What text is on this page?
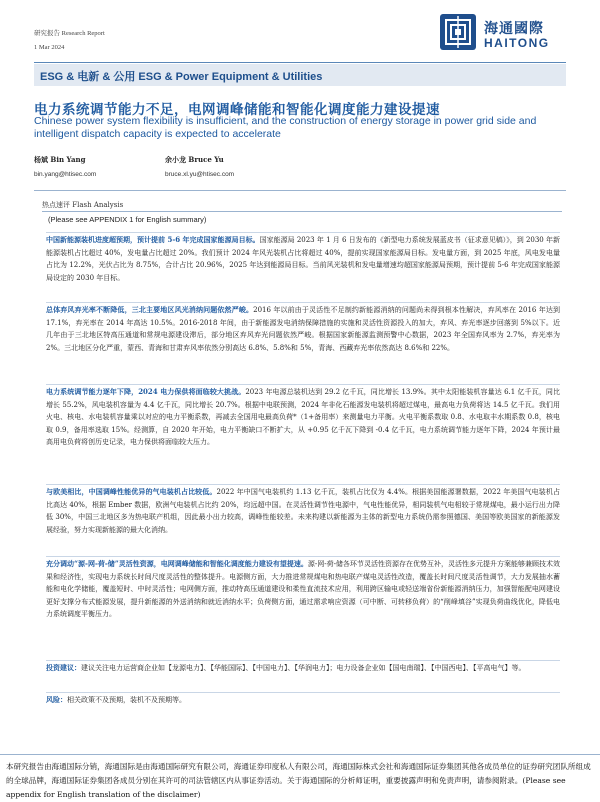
研究报告 Research Report
1 Mar 2024
海通國際
HAITONG
ESG & 电新 & 公用 ESG & Power Equipment & Utilities
电力系统调节能力不足，电网调峰储能和智能化调度能力建设提速
Chinese power system flexibility is insufficient, and the construction of energy storage in power grid side and intelligent dispatch capacity is expected to accelerate
杨斌 Bin Yang
bin.yang@htisec.com
余小龙 Bruce Yu
bruce.xl.yu@htisec.com
热点速评 Flash Analysis
(Please see APPENDIX 1 for English summary)
中国新能源装机进度超预期，预计提前 5-6 年完成国家能源局目标。国家能源局 2023 年 1 月 6 日发布的《新型电力系统发展蓝皮书（征求意见稿）》，到 2030 年新能源装机占比超过 40%，发电量占比超过 20%。我们预计 2024 年风光装机占比将超过 40%，提前实现国家能源局目标。发电量方面，到 2025 年底，风电发电量占比为 12.2%，光伏占比为 8.75%，合计占比 20.96%，2025 年达到能源局目标。当前风光装机和发电量增速均超国家能源局预期，预计提前 5-6 年完成国家能源局设定的 2030 年目标。
总体弃风弃光率不断降低，三北主要地区风光消纳问题依然严峻。2016 年以前由于灵活性不足制约新能源消纳的问题尚未得到根本性解决，弃风率在 2016 年达到 17.1%，弃光率在 2014 年高达 10.5%。2016-2018 年间，由于新能源发电消纳保障措施的实施和灵活性资源投入的加大，弃风、弃光率逐步回落到 5%以下。近几年由于三北地区特高压通道和常规电源建设滞后，部分地区弃风弃光问题依然严峻。根据国家新能源监测预警中心数据，2023 年全国弃风率为 2.7%，弃光率为 2%。三北地区分化严重，蒙西、青海和甘肃弃风率依然分别高达 6.8%、5.8%和 5%，青海、西藏弃光率依然高达 8.6%和 22%。
电力系统调节能力逐年下降，2024 电力保供将面临较大挑战。2023 年电源总装机达到 29.2 亿千瓦，同比增长 13.9%。其中太阳能装机容量达 6.1 亿千瓦，同比增长 55.2%，风电装机容量为 4.4 亿千瓦，同比增长 20.7%。根据中电联预测，2024 年非化石能源发电装机将超过煤电，最高电力负荷将达 14.5 亿千瓦。我们用火电、核电、水电装机容量乘以对应的电力平衡系数，再减去全国用电最高负荷*（1+备用率）来测量电力平衡。火电平衡系数取 0.8、水电取丰水期系数 0.8，核电取 0.9，备用率选取 15%。经测算，自 2020 年开始，电力平衡缺口不断扩大，从 +0.95 亿千瓦下降到 -0.4 亿千瓦，电力系统调节能力逐年下降，2024 年预计最高用电负荷将创历史记录，电力保供将面临较大压力。
与欧美相比，中国调峰性能优异的气电装机占比较低。2022 年中国气电装机约 1.13 亿千瓦，装机占比仅为 4.4%。根据美国能源署数据，2022 年美国气电装机占比高达 40%，根据 Ember 数据，欧洲气电装机占比约 20%，均远超中国。在灵活性调节性电源中，气电性能优异，相同装机气电相较于常规煤电，最小运行出力降低 30%，中国三北地区多为热电联产机组，因此最小出力较高，调峰性能较差。未来构建以新能源为主体的新型电力系统仍需参照德国、美国等欧美国家的新能源发展经验，努力实现新能源的最大化消纳。
充分调动“源-网-荷-储”灵活性资源，电网调峰储能和智能化调度能力建设有望提速。源-网-荷-储各环节灵活性资源存在优势互补，灵活性多元提升方案能够兼顾技术效果和经济性，实现电力系统长时间尺度灵活性的整体提升。电源侧方面，大力推进常规煤电和热电联产煤电灵活性改造，覆盖长时间尺度灵活性调节，大力发展抽水蓄能和电化学储能，覆盖短时、中时灵活性；电网侧方面，推动特高压通道建设和柔性直流技术应用，利用跨区输电或轻送端省份新能源消纳压力，加强智能配电网建设更好支撑分布式能源发展，提升新能源的外送消纳和就近消纳水平；负荷侧方面，通过需求响应资源（可中断、可转移负荷）的“削峰填谷”实现负荷曲线优化，降低电力系统调度平衡压力。
投资建议：建议关注电力运营商企业如【龙源电力】、【华能国际】、【中国电力】、【华润电力】；电力设备企业如【国电南瑞】、【中国西电】、【平高电气】等。
风险：相关政策不及预期，装机不及预期等。
本研究报告由海通国际分销，海通国际是由海通国际研究有限公司，海通证券印度私人有限公司，海通国际株式会社和海通国际证券集团其他各成员单位的证券研究团队所组成的全球品牌，海通国际证券集团各成员分别在其许可的司法管辖区内从事证券活动。关于海通国际的分析师证明，重要披露声明和免责声明，请参阅附录。(Please see appendix for English translation of the disclaimer)
